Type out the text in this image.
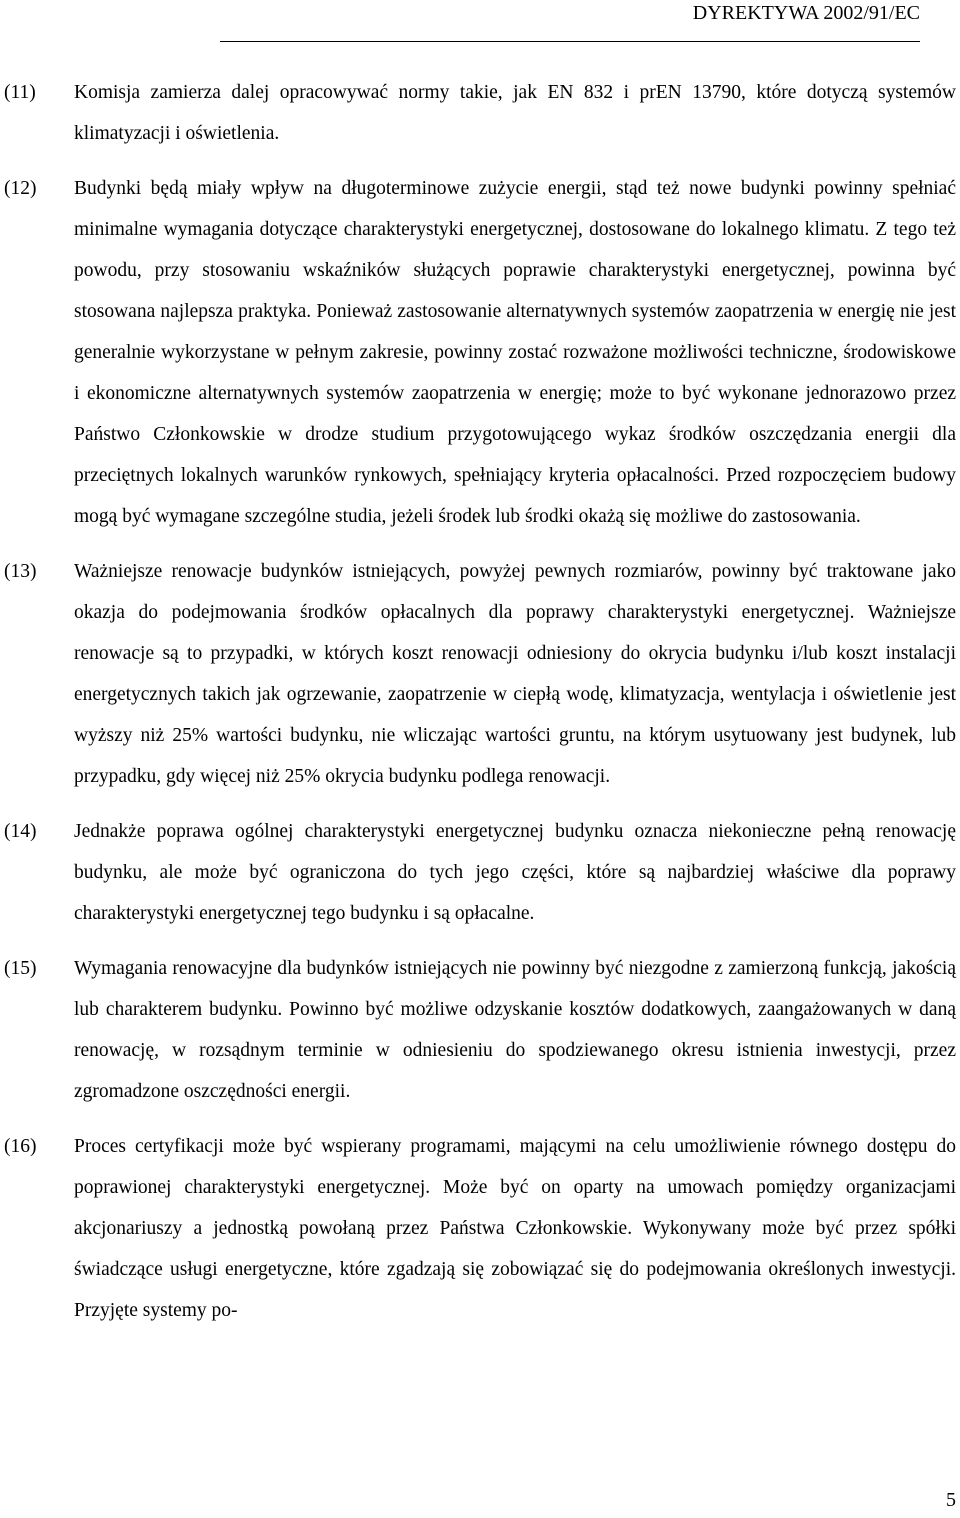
DYREKTYWA 2002/91/EC
(11)	Komisja zamierza dalej opracowywać normy takie, jak EN 832 i prEN 13790, które dotyczą systemów klimatyzacji i oświetlenia.
(12)	Budynki będą miały wpływ na długoterminowe zużycie energii, stąd też nowe budynki powinny spełniać minimalne wymagania dotyczące charakterystyki energetycznej, dostosowane do lokalnego klimatu. Z tego też powodu, przy stosowaniu wskaźników służących poprawie charakterystyki energetycznej, powinna być stosowana najlepsza praktyka. Ponieważ zastosowanie alternatywnych systemów zaopatrzenia w energię nie jest generalnie wykorzystane w pełnym zakresie, powinny zostać rozważone możliwości techniczne, środowiskowe i ekonomiczne alternatywnych systemów zaopatrzenia w energię; może to być wykonane jednorazowo przez Państwo Członkowskie w drodze studium przygotowującego wykaz środków oszczędzania energii dla przeciętnych lokalnych warunków rynkowych, spełniający kryteria opłacalności. Przed rozpoczęciem budowy mogą być wymagane szczególne studia, jeżeli środek lub środki okażą się możliwe do zastosowania.
(13)	Ważniejsze renowacje budynków istniejących, powyżej pewnych rozmiarów, powinny być traktowane jako okazja do podejmowania środków opłacalnych dla poprawy charakterystyki energetycznej. Ważniejsze renowacje są to przypadki, w których koszt renowacji odniesiony do okrycia budynku i/lub koszt instalacji energetycznych takich jak ogrzewanie, zaopatrzenie w ciepłą wodę, klimatyzacja, wentylacja i oświetlenie jest wyższy niż 25% wartości budynku, nie wliczając wartości gruntu, na którym usytuowany jest budynek, lub przypadku, gdy więcej niż 25% okrycia budynku podlega renowacji.
(14)	Jednakże poprawa ogólnej charakterystyki energetycznej budynku oznacza niekonieczne pełną renowację budynku, ale może być ograniczona do tych jego części, które są najbardziej właściwe dla poprawy charakterystyki energetycznej tego budynku i są opłacalne.
(15)	Wymagania renowacyjne dla budynków istniejących nie powinny być niezgodne z zamierzoną funkcją, jakością lub charakterem budynku. Powinno być możliwe odzyskanie kosztów dodatkowych, zaangażowanych w daną renowację, w rozsądnym terminie w odniesieniu do spodziewanego okresu istnienia inwestycji, przez zgromadzone oszczędności energii.
(16)	Proces certyfikacji może być wspierany programami, mającymi na celu umożliwienie równego dostępu do poprawionej charakterystyki energetycznej. Może być on oparty na umowach pomiędzy organizacjami akcjonariuszy a jednostką powołaną przez Państwa Członkowskie. Wykonywany może być przez spółki świadczące usługi energetyczne, które zgadzają się zobowiązać się do podejmowania określonych inwestycji. Przyjęte systemy po-
5
